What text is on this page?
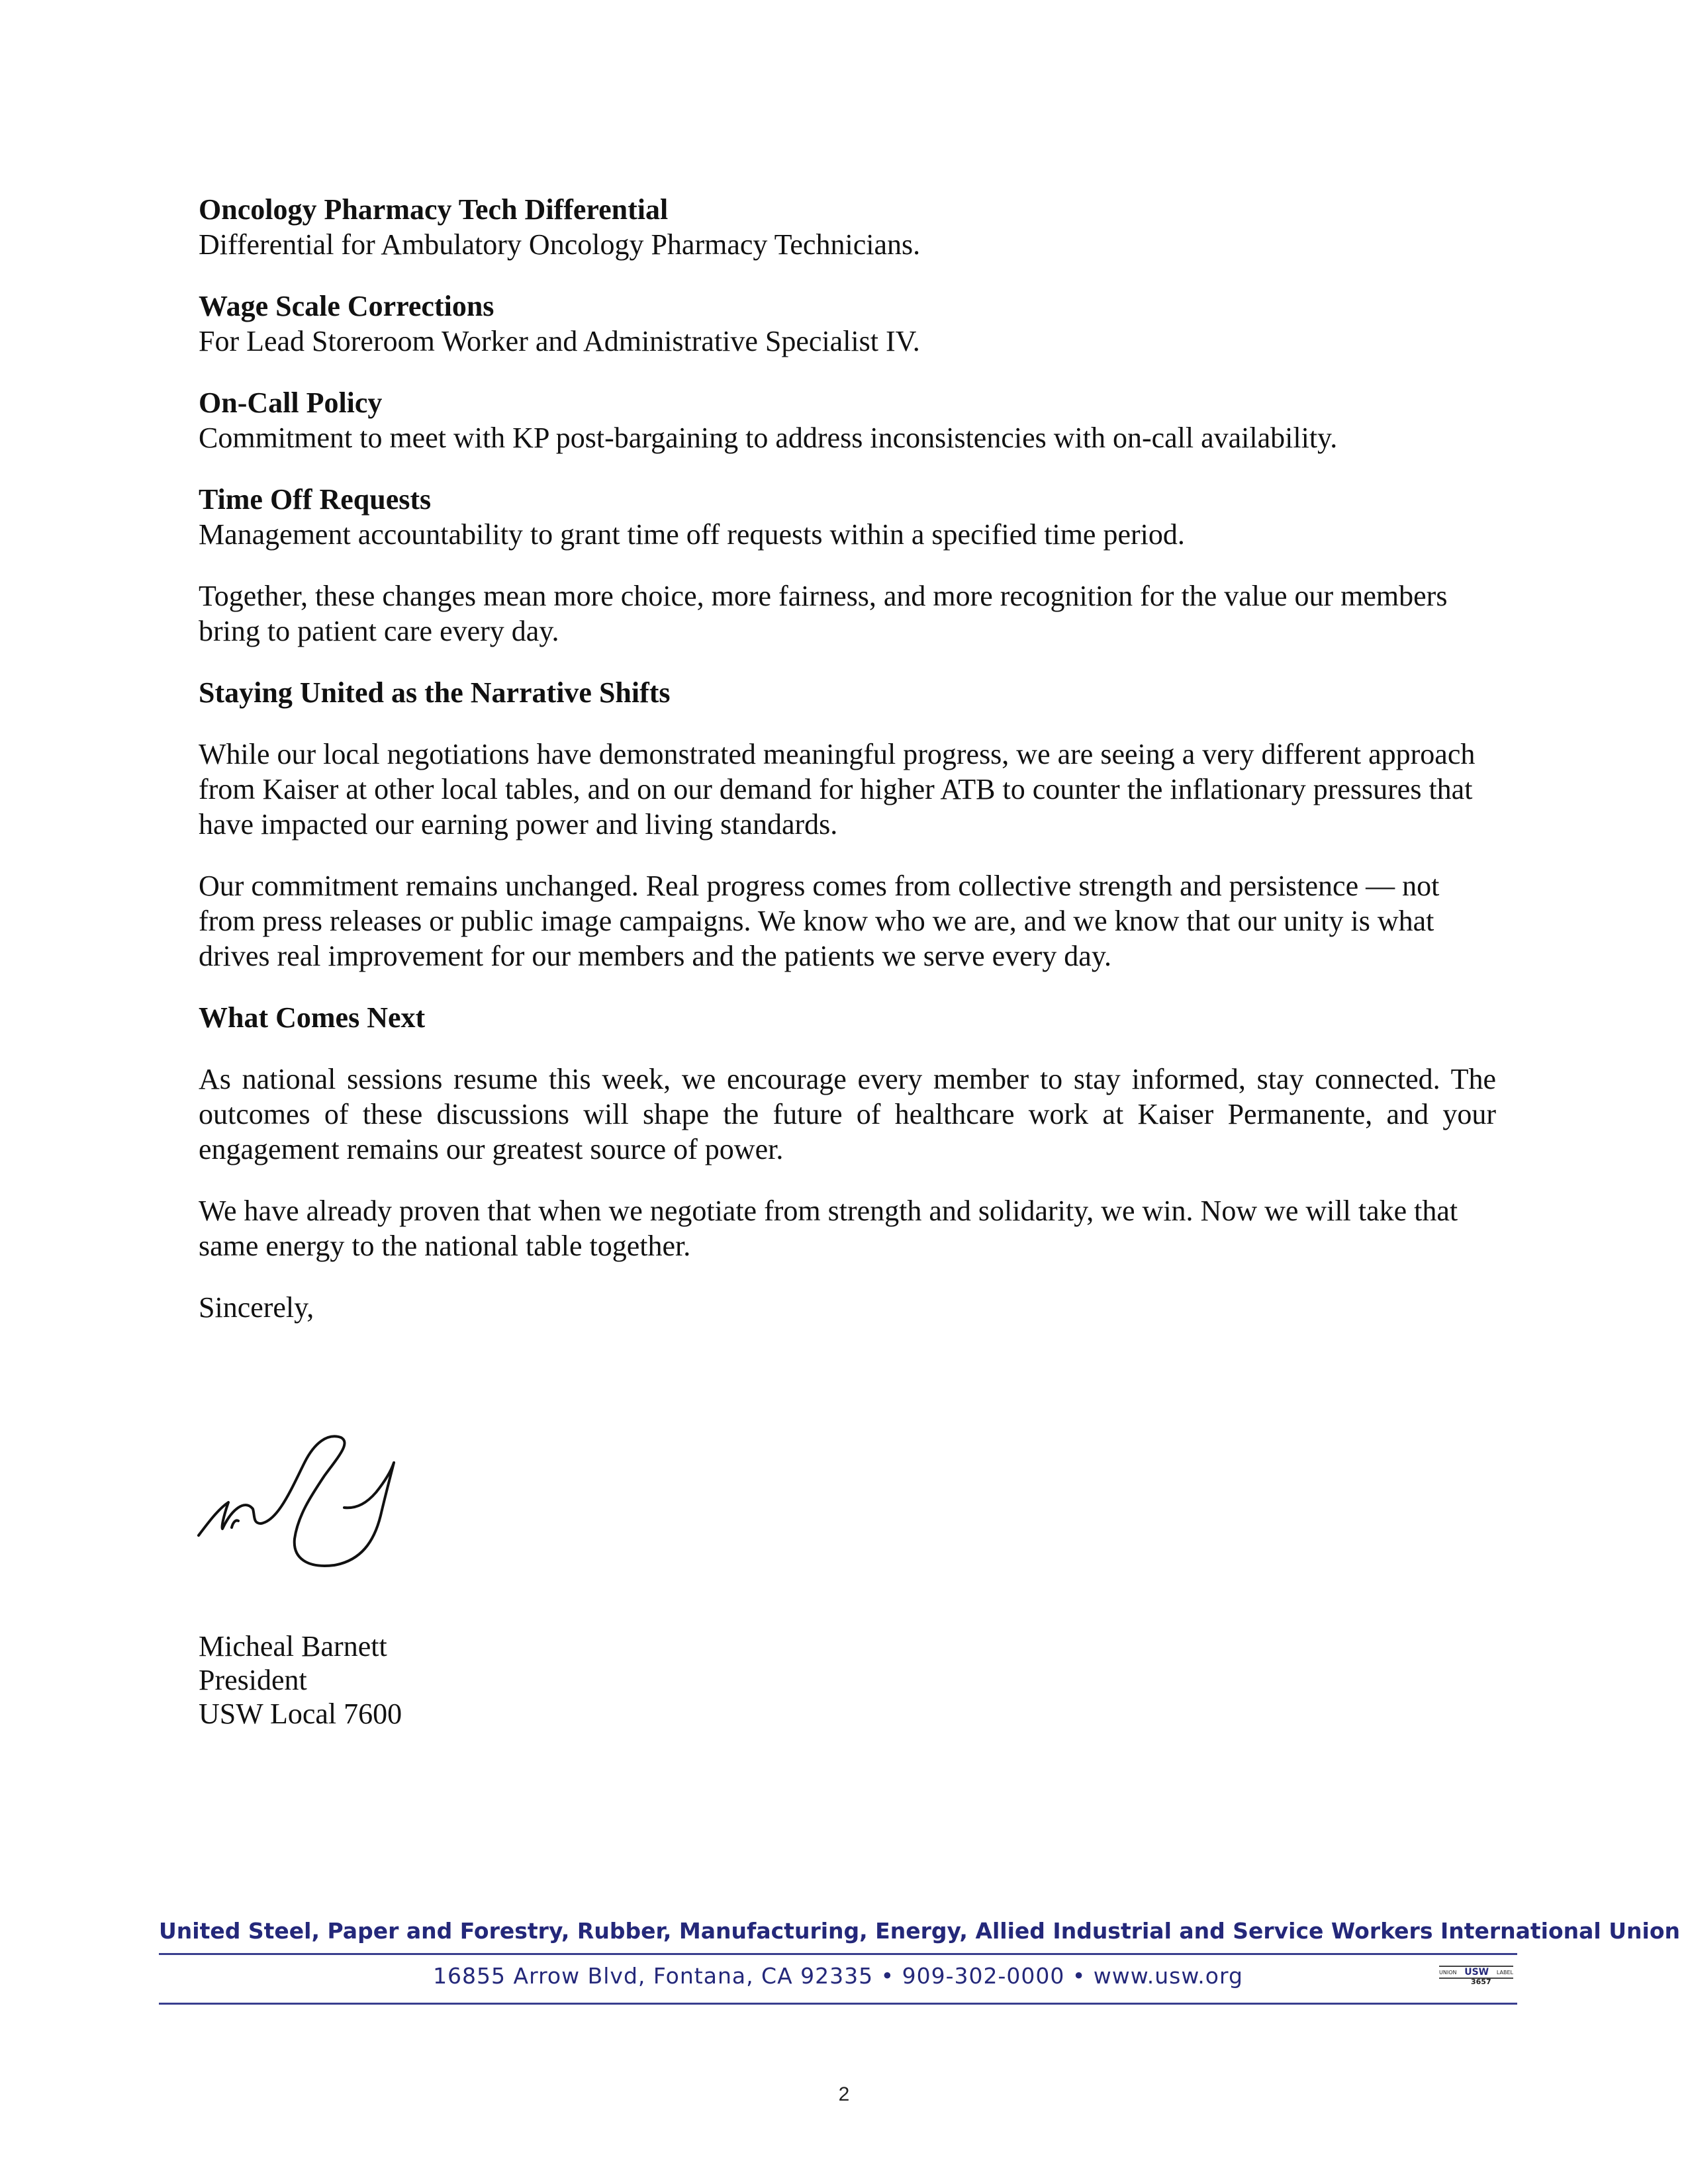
Oncology Pharmacy Tech Differential
Differential for Ambulatory Oncology Pharmacy Technicians.
Wage Scale Corrections
For Lead Storeroom Worker and Administrative Specialist IV.
On-Call Policy
Commitment to meet with KP post-bargaining to address inconsistencies with on-call availability.
Time Off Requests
Management accountability to grant time off requests within a specified time period.

Together, these changes mean more choice, more fairness, and more recognition for the value our members bring to patient care every day.

Staying United as the Narrative Shifts

While our local negotiations have demonstrated meaningful progress, we are seeing a very different approach from Kaiser at other local tables, and on our demand for higher ATB to counter the inflationary pressures that have impacted our earning power and living standards.

Our commitment remains unchanged. Real progress comes from collective strength and persistence — not from press releases or public image campaigns. We know who we are, and we know that our unity is what drives real improvement for our members and the patients we serve every day.

What Comes Next

As national sessions resume this week, we encourage every member to stay informed, stay connected. The outcomes of these discussions will shape the future of healthcare work at Kaiser Permanente, and your engagement remains our greatest source of power.

We have already proven that when we negotiate from strength and solidarity, we win. Now we will take that same energy to the national table together.

Sincerely,

Micheal Barnett
President
USW Local 7600
United Steel, Paper and Forestry, Rubber, Manufacturing, Energy, Allied Industrial and Service Workers International Union
16855 Arrow Blvd, Fontana, CA 92335 • 909-302-0000 • www.usw.org	UNION USW LABEL
3657
2
